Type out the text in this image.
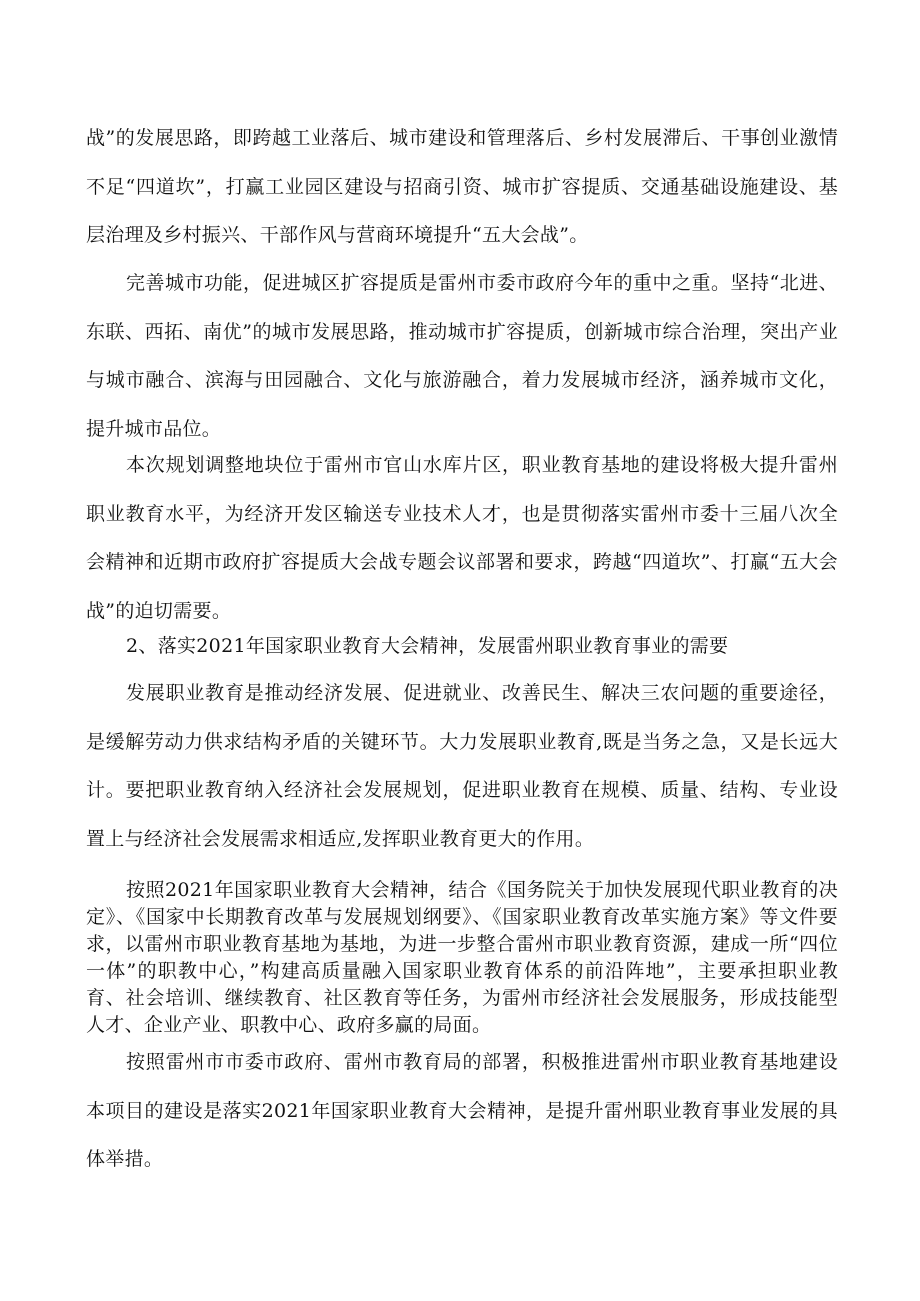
战”的发展思路，即跨越工业落后、城市建设和管理落后、乡村发展滞后、干事创业激情不足“四道坎”，打赢工业园区建设与招商引资、城市扩容提质、交通基础设施建设、基层治理及乡村振兴、干部作风与营商环境提升“五大会战”。

完善城市功能，促进城区扩容提质是雷州市委市政府今年的重中之重。坚持“北进、东联、西拓、南优”的城市发展思路，推动城市扩容提质，创新城市综合治理，突出产业与城市融合、滨海与田园融合、文化与旅游融合，着力发展城市经济，涵养城市文化，提升城市品位。

本次规划调整地块位于雷州市官山水库片区，职业教育基地的建设将极大提升雷州职业教育水平，为经济开发区输送专业技术人才，也是贯彻落实雷州市委十三届八次全会精神和近期市政府扩容提质大会战专题会议部署和要求，跨越“四道坎”、打赢“五大会战”的迫切需要。

2、落实2021年国家职业教育大会精神，发展雷州职业教育事业的需要

发展职业教育是推动经济发展、促进就业、改善民生、解决三农问题的重要途径，是缓解劳动力供求结构矛盾的关键环节。大力发展职业教育,既是当务之急，又是长远大计。要把职业教育纳入经济社会发展规划，促进职业教育在规模、质量、结构、专业设置上与经济社会发展需求相适应,发挥职业教育更大的作用。

按照2021年国家职业教育大会精神，结合《国务院关于加快发展现代职业教育的决定》、《国家中长期教育改革与发展规划纲要》、《国家职业教育改革实施方案》等文件要求，以雷州市职业教育基地为基地，为进一步整合雷州市职业教育资源，建成一所“四位一体”的职教中心，”构建高质量融入国家职业教育体系的前沿阵地”，主要承担职业教育、社会培训、继续教育、社区教育等任务，为雷州市经济社会发展服务，形成技能型人才、企业产业、职教中心、政府多赢的局面。

按照雷州市市委市政府、雷州市教育局的部署，积极推进雷州市职业教育基地建设本项目的建设是落实2021年国家职业教育大会精神，是提升雷州职业教育事业发展的具体举措。
